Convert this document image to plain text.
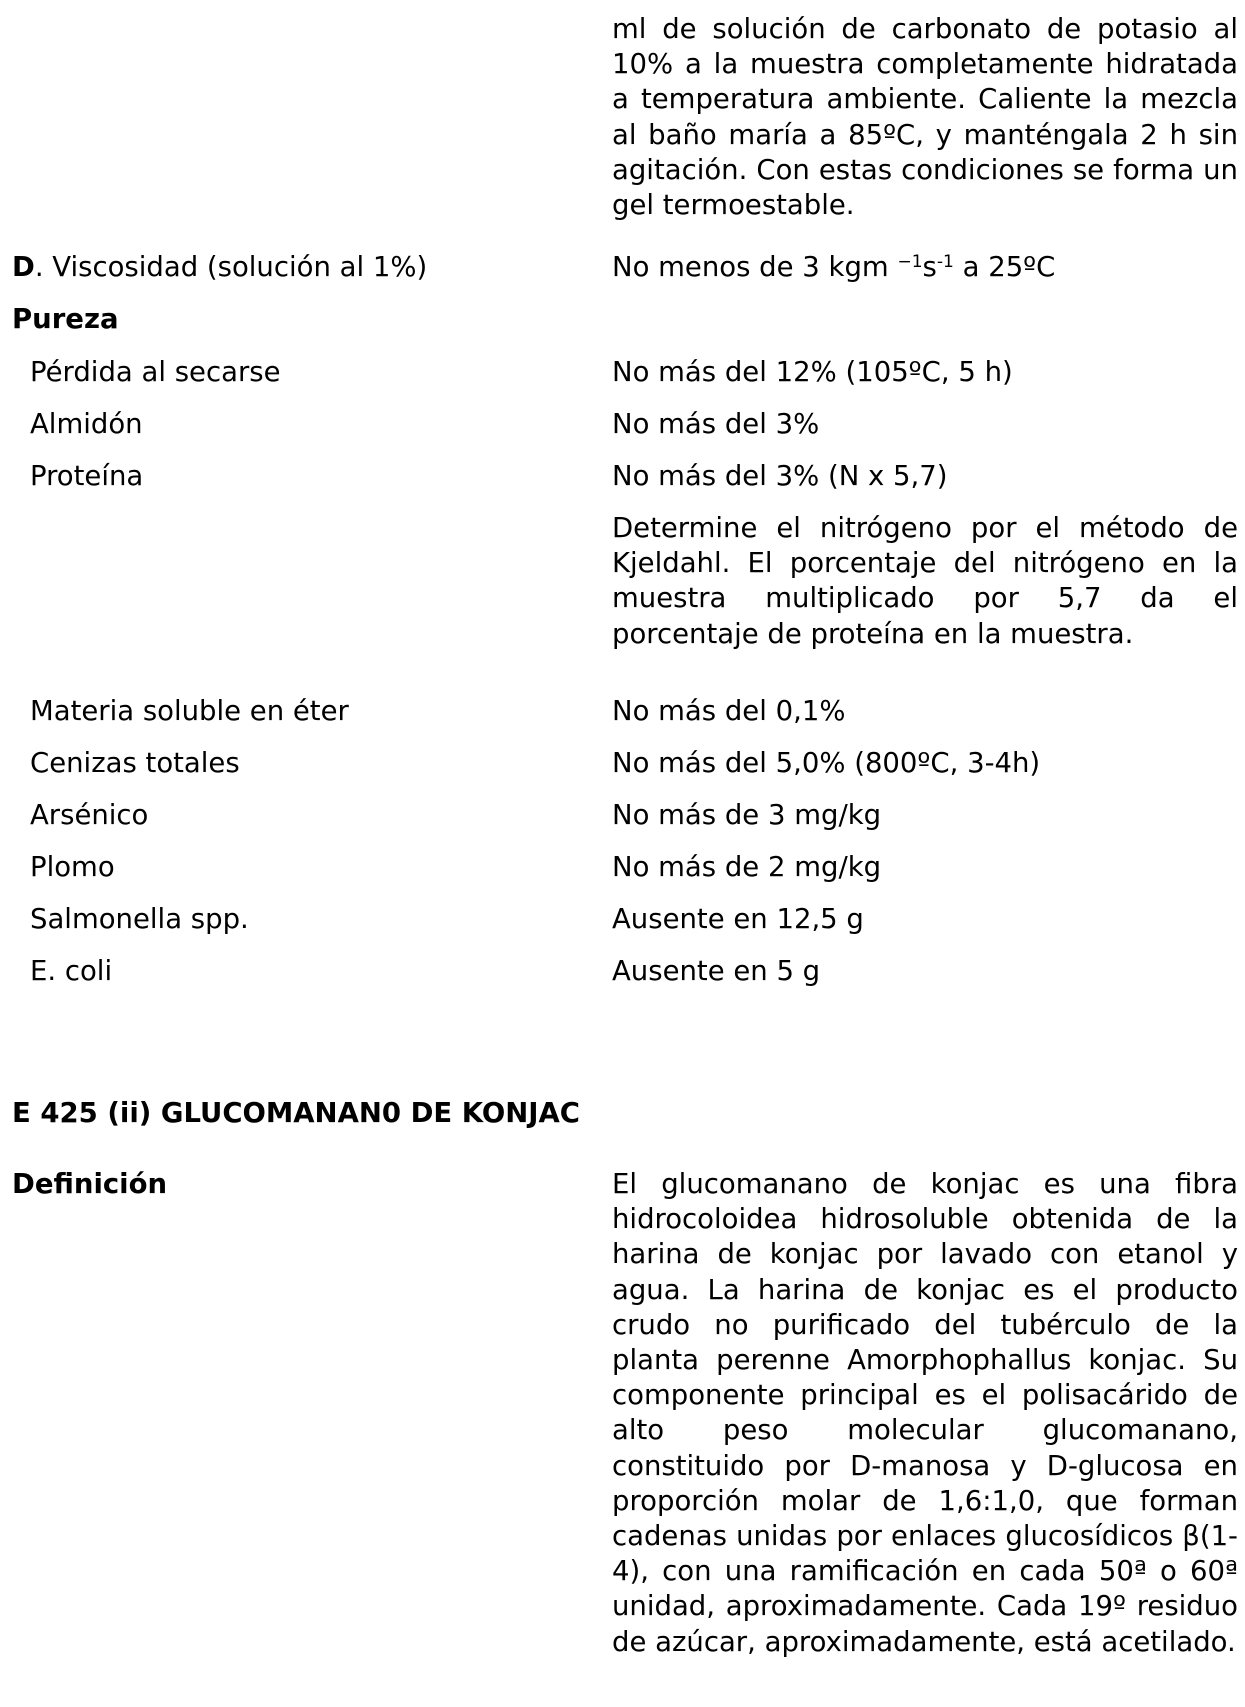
ml de solución de carbonato de potasio al 10% a la muestra completamente hidratada a temperatura ambiente. Caliente la mezcla al baño maría a 85ºC, y manténgala 2 h sin agitación. Con estas condiciones se forma un gel termoestable.
D. Viscosidad (solución al 1%)	No menos de 3 kgm $^{-1}s^{-1}$ a 25ºC
Pureza
Pérdida al secarse	No más del 12% (105ºC, 5 h)
Almidón	No más del 3%
Proteína	No más del 3% (N x 5,7)
Determine el nitrógeno por el método de Kjeldahl. El porcentaje del nitrógeno en la muestra multiplicado por 5,7 da el porcentaje de proteína en la muestra.
Materia soluble en éter	No más del 0,1%
Cenizas totales	No más del 5,0% (800ºC, 3-4h)
Arsénico	No más de 3 mg/kg
Plomo	No más de 2 mg/kg
Salmonella spp.	Ausente en 12,5 g
E. coli	Ausente en 5 g
E 425 (ii) GLUCOMANAN0 DE KONJAC
Definición	El glucomanano de konjac es una fibra hidrocoloidea hidrosoluble obtenida de la harina de konjac por lavado con etanol y agua. La harina de konjac es el producto crudo no purificado del tubérculo de la planta perenne Amorphophallus konjac. Su componente principal es el polisacárido de alto peso molecular glucomanano, constituido por D-manosa y D-glucosa en proporción molar de 1,6:1,0, que forman cadenas unidas por enlaces glucosídicos β(1-4), con una ramificación en cada 50ª o 60ª unidad, aproximadamente. Cada 19º residuo de azúcar, aproximadamente, está acetilado.
